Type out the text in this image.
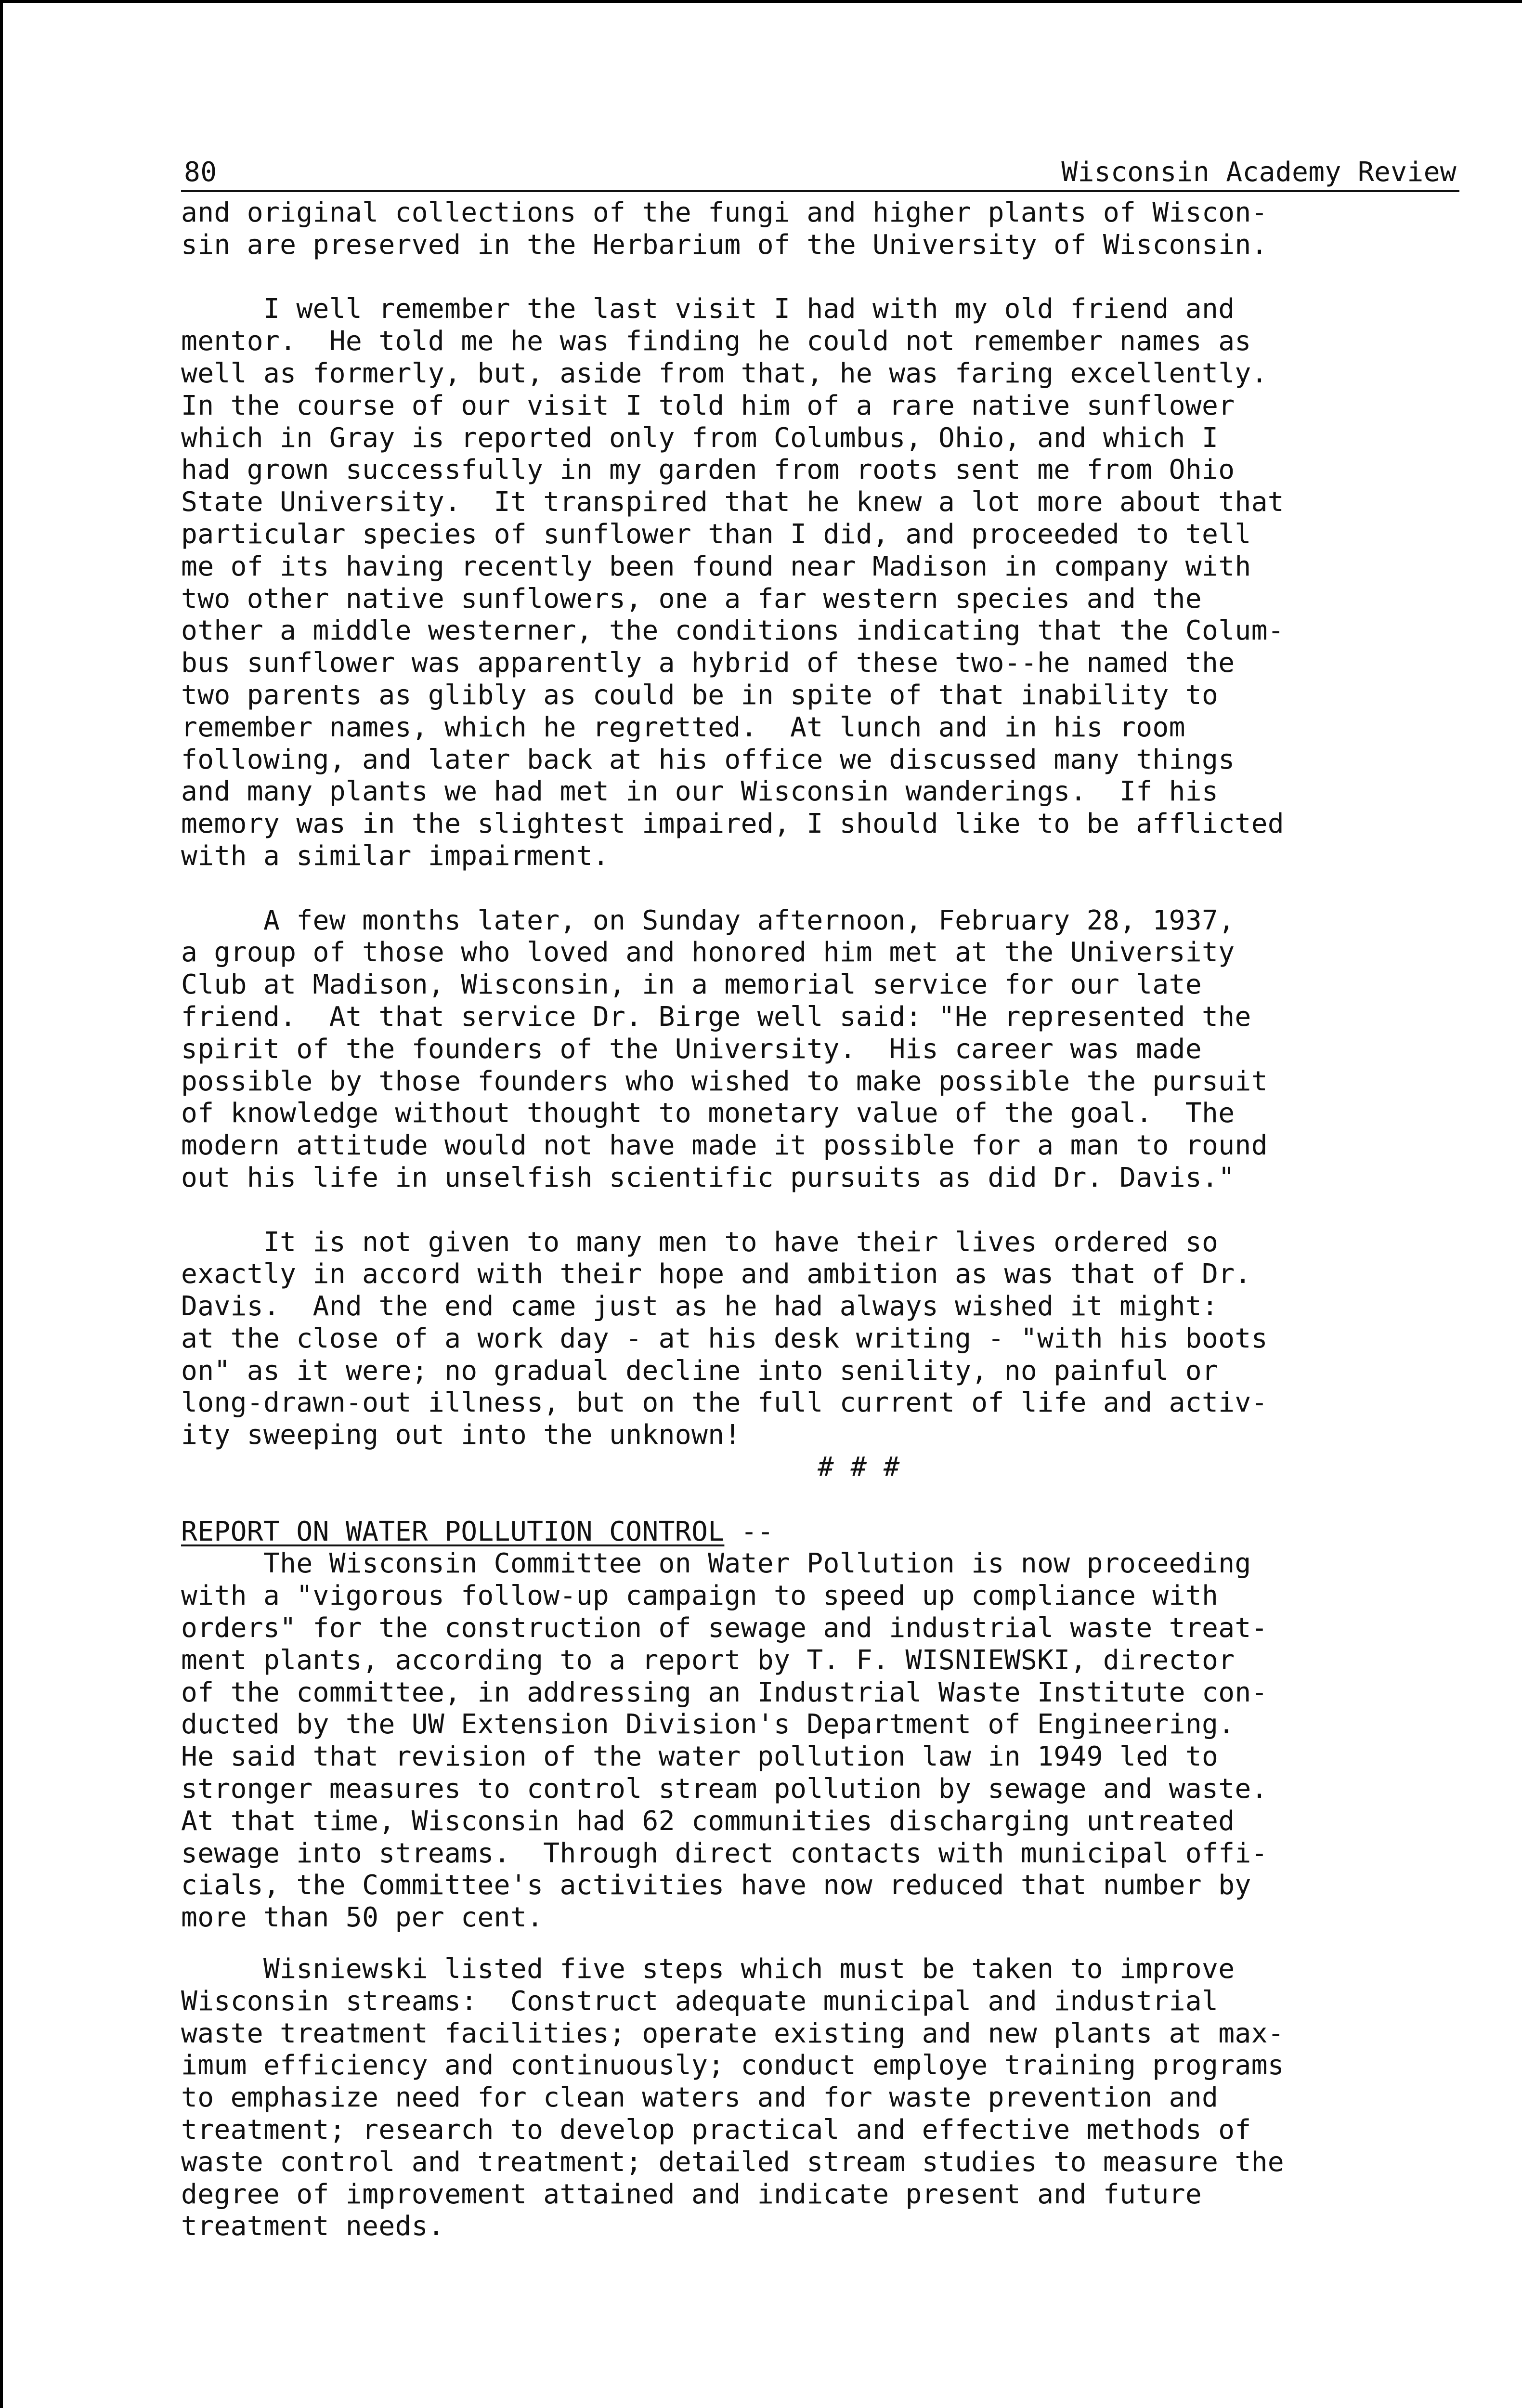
80	Wisconsin Academy Review

and original collections of the fungi and higher plants of Wiscon-
sin are preserved in the Herbarium of the University of Wisconsin.

I well remember the last visit I had with my old friend and
mentor.  He told me he was finding he could not remember names as
well as formerly, but, aside from that, he was faring excellently.
In the course of our visit I told him of a rare native sunflower
which in Gray is reported only from Columbus, Ohio, and which I
had grown successfully in my garden from roots sent me from Ohio
State University.  It transpired that he knew a lot more about that
particular species of sunflower than I did, and proceeded to tell
me of its having recently been found near Madison in company with
two other native sunflowers, one a far western species and the
other a middle westerner, the conditions indicating that the Colum-
bus sunflower was apparently a hybrid of these two--he named the
two parents as glibly as could be in spite of that inability to
remember names, which he regretted.  At lunch and in his room
following, and later back at his office we discussed many things
and many plants we had met in our Wisconsin wanderings.  If his
memory was in the slightest impaired, I should like to be afflicted
with a similar impairment.

A few months later, on Sunday afternoon, February 28, 1937,
a group of those who loved and honored him met at the University
Club at Madison, Wisconsin, in a memorial service for our late
friend.  At that service Dr. Birge well said: "He represented the
spirit of the founders of the University.  His career was made
possible by those founders who wished to make possible the pursuit
of knowledge without thought to monetary value of the goal.  The
modern attitude would not have made it possible for a man to round
out his life in unselfish scientific pursuits as did Dr. Davis."

It is not given to many men to have their lives ordered so
exactly in accord with their hope and ambition as was that of Dr.
Davis.  And the end came just as he had always wished it might:
at the close of a work day - at his desk writing - "with his boots
on" as it were; no gradual decline into senility, no painful or
long-drawn-out illness, but on the full current of life and activ-
ity sweeping out into the unknown!

# # #
REPORT ON WATER POLLUTION CONTROL --

The Wisconsin Committee on Water Pollution is now proceeding
with a "vigorous follow-up campaign to speed up compliance with
orders" for the construction of sewage and industrial waste treat-
ment plants, according to a report by T. F. WISNIEWSKI, director
of the committee, in addressing an Industrial Waste Institute con-
ducted by the UW Extension Division's Department of Engineering.
He said that revision of the water pollution law in 1949 led to
stronger measures to control stream pollution by sewage and waste.
At that time, Wisconsin had 62 communities discharging untreated
sewage into streams.  Through direct contacts with municipal offi-
cials, the Committee's activities have now reduced that number by
more than 50 per cent.

Wisniewski listed five steps which must be taken to improve
Wisconsin streams:  Construct adequate municipal and industrial
waste treatment facilities; operate existing and new plants at max-
imum efficiency and continuously; conduct employe training programs
to emphasize need for clean waters and for waste prevention and
treatment; research to develop practical and effective methods of
waste control and treatment; detailed stream studies to measure the
degree of improvement attained and indicate present and future
treatment needs.
